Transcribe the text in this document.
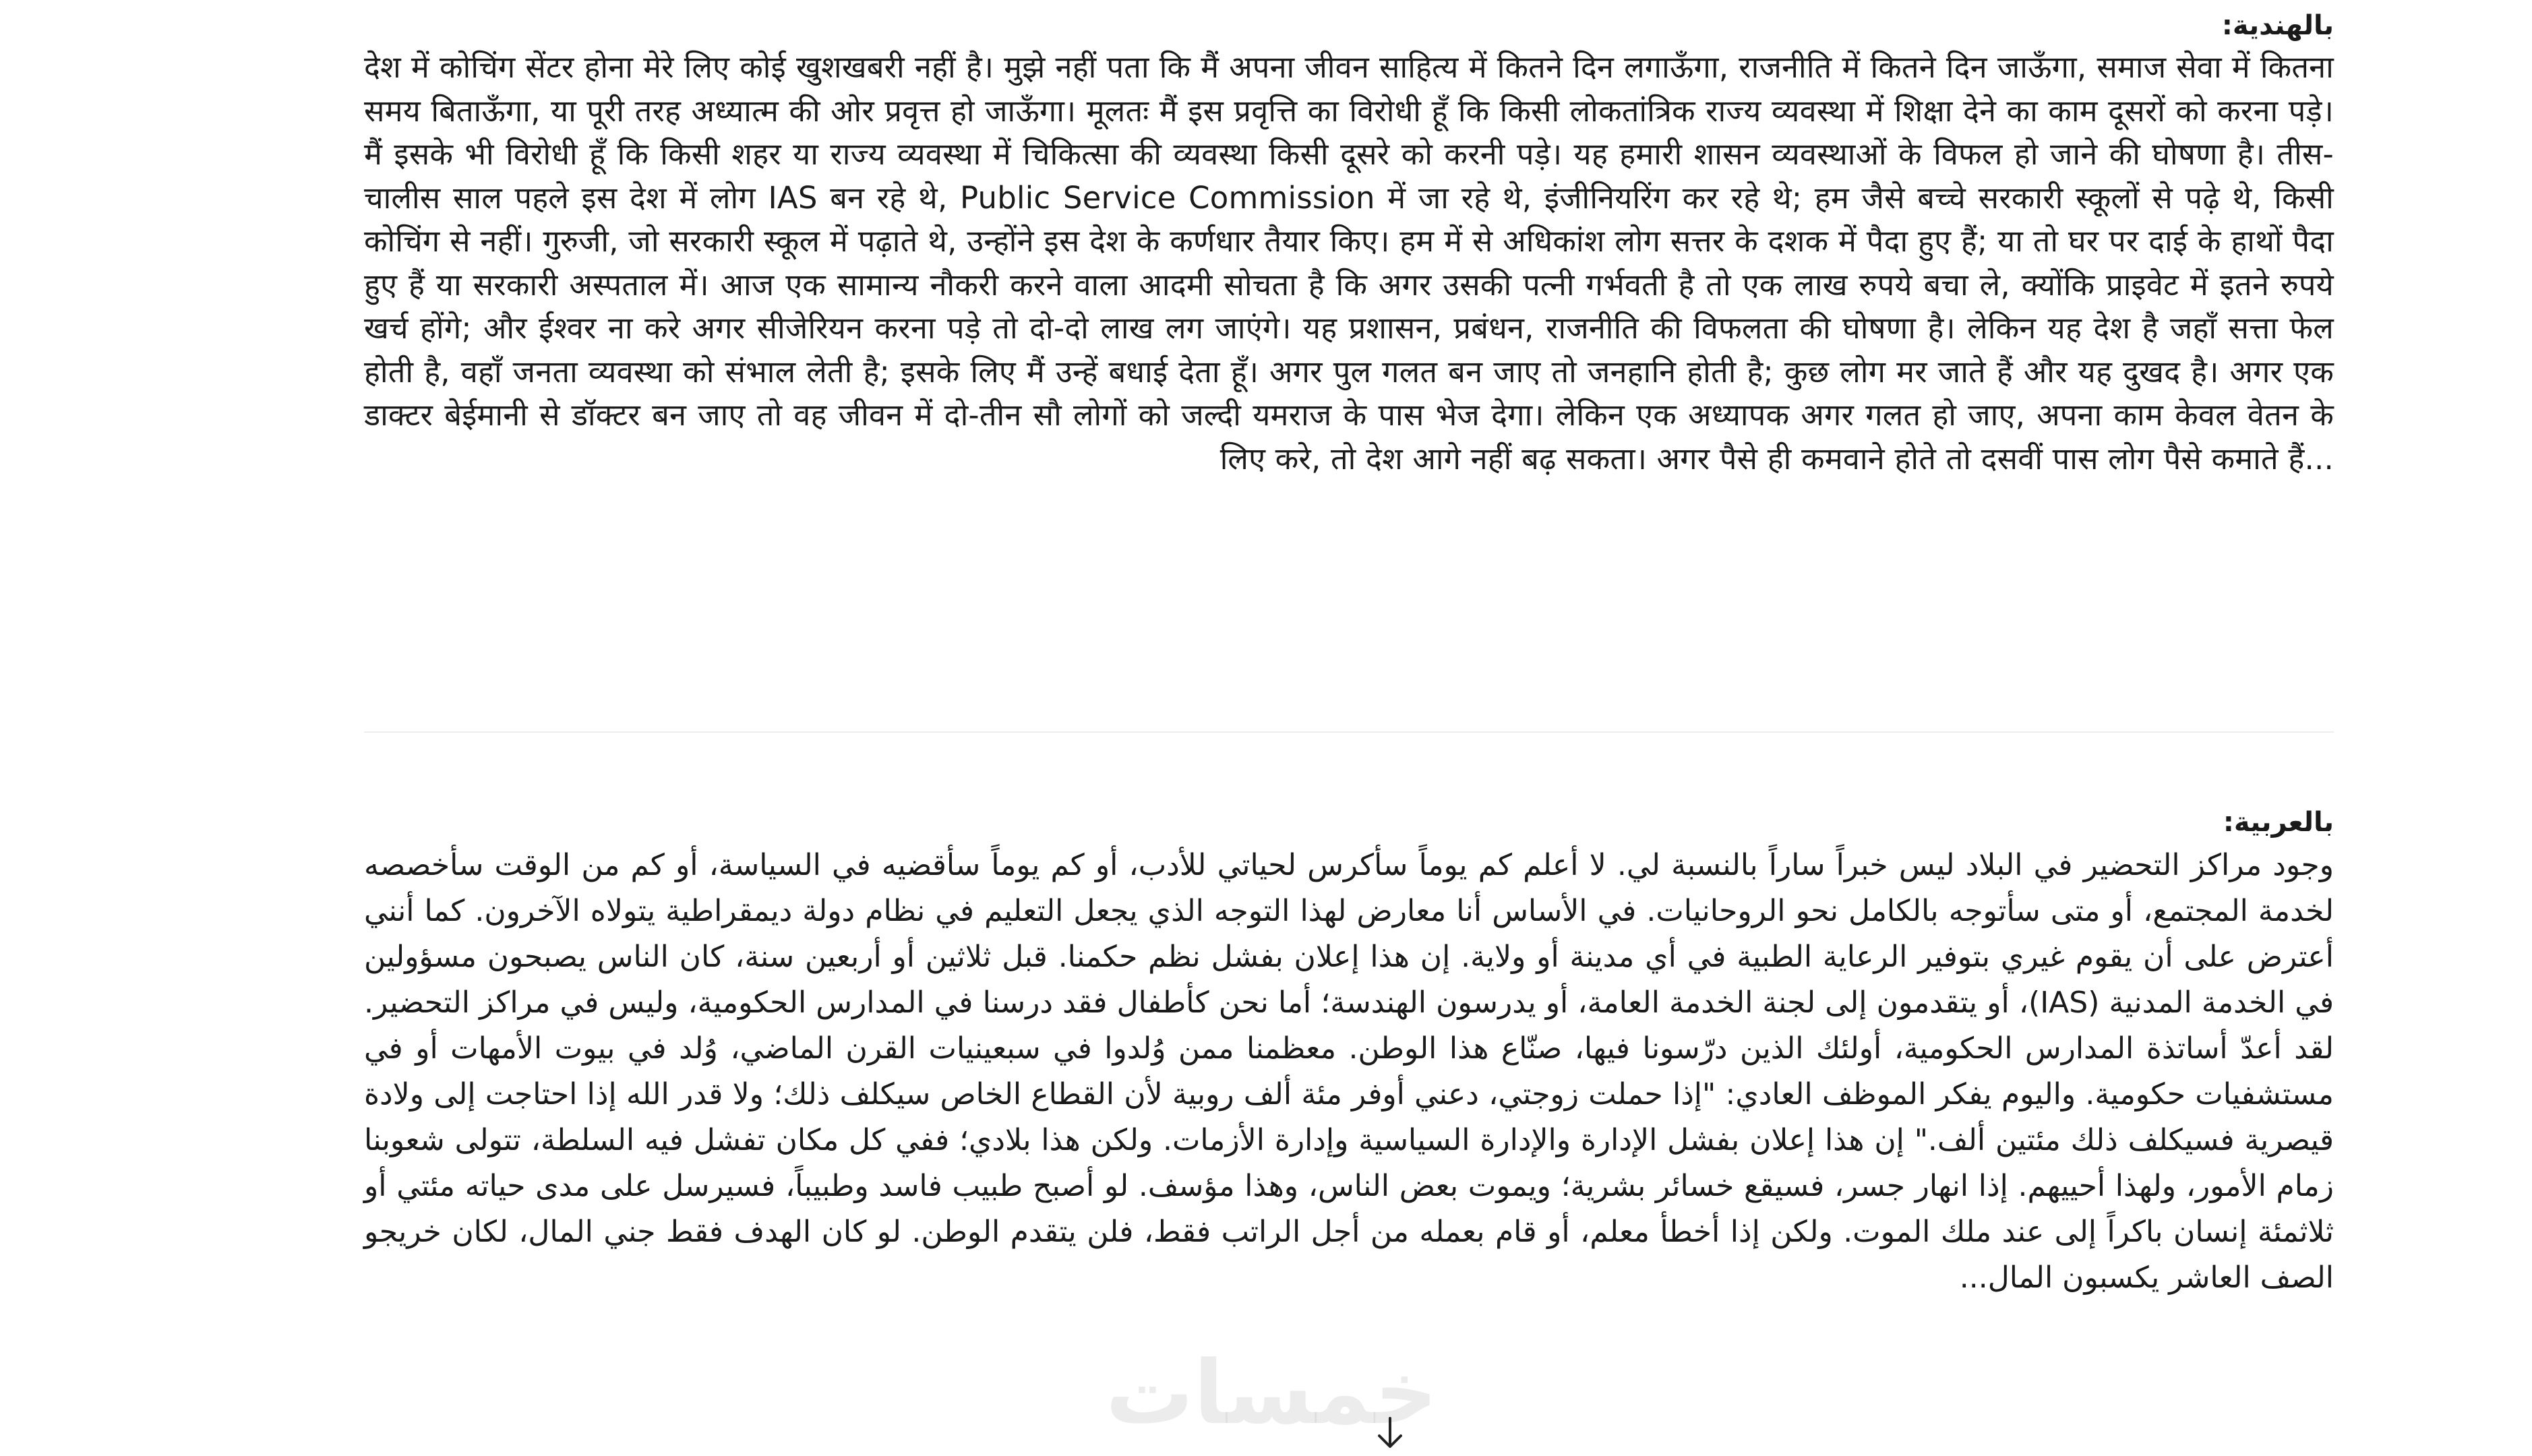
بالهندية:

देश में कोचिंग सेंटर होना मेरे लिए कोई खुशखबरी नहीं है। मुझे नहीं पता कि मैं अपना जीवन साहित्य में कितने दिन लगाऊँगा, राजनीति में कितने दिन जाऊँगा, समाज सेवा में कितना समय बिताऊँगा, या पूरी तरह अध्यात्म की ओर प्रवृत्त हो जाऊँगा। मूलतः मैं इस प्रवृत्ति का विरोधी हूँ कि किसी लोकतांत्रिक राज्य व्यवस्था में शिक्षा देने का काम दूसरों को करना पड़े। मैं इसके भी विरोधी हूँ कि किसी शहर या राज्य व्यवस्था में चिकित्सा की व्यवस्था किसी दूसरे को करनी पड़े। यह हमारी शासन व्यवस्थाओं के विफल हो जाने की घोषणा है। तीस-चालीस साल पहले इस देश में लोग IAS बन रहे थे, Public Service Commission में जा रहे थे, इंजीनियरिंग कर रहे थे; हम जैसे बच्चे सरकारी स्कूलों से पढ़े थे, किसी कोचिंग से नहीं। गुरुजी, जो सरकारी स्कूल में पढ़ाते थे, उन्होंने इस देश के कर्णधार तैयार किए। हम में से अधिकांश लोग सत्तर के दशक में पैदा हुए हैं; या तो घर पर दाई के हाथों पैदा हुए हैं या सरकारी अस्पताल में। आज एक सामान्य नौकरी करने वाला आदमी सोचता है कि अगर उसकी पत्नी गर्भवती है तो एक लाख रुपये बचा ले, क्योंकि प्राइवेट में इतने रुपये खर्च होंगे; और ईश्वर ना करे अगर सीजेरियन करना पड़े तो दो-दो लाख लग जाएंगे। यह प्रशासन, प्रबंधन, राजनीति की विफलता की घोषणा है। लेकिन यह देश है जहाँ सत्ता फेल होती है, वहाँ जनता व्यवस्था को संभाल लेती है; इसके लिए मैं उन्हें बधाई देता हूँ। अगर पुल गलत बन जाए तो जनहानि होती है; कुछ लोग मर जाते हैं और यह दुखद है। अगर एक डाक्टर बेईमानी से डॉक्टर बन जाए तो वह जीवन में दो-तीन सौ लोगों को जल्दी यमराज के पास भेज देगा। लेकिन एक अध्यापक अगर गलत हो जाए, अपना काम केवल वेतन के लिए करे, तो देश आगे नहीं बढ़ सकता। अगर पैसे ही कमवाने होते तो दसवीं पास लोग पैसे कमाते हैं...

بالعربية:

وجود مراكز التحضير في البلاد ليس خبراً ساراً بالنسبة لي. لا أعلم كم يوماً سأكرس لحياتي للأدب، أو كم يوماً سأقضيه في السياسة، أو كم من الوقت سأخصصه لخدمة المجتمع، أو متى سأتوجه بالكامل نحو الروحانيات. في الأساس أنا معارض لهذا التوجه الذي يجعل التعليم في نظام دولة ديمقراطية يتولاه الآخرون. كما أنني أعترض على أن يقوم غيري بتوفير الرعاية الطبية في أي مدينة أو ولاية. إن هذا إعلان بفشل نظم حكمنا. قبل ثلاثين أو أربعين سنة، كان الناس يصبحون مسؤولين في الخدمة المدنية (IAS)، أو يتقدمون إلى لجنة الخدمة العامة، أو يدرسون الهندسة؛ أما نحن كأطفال فقد درسنا في المدارس الحكومية، وليس في مراكز التحضير. لقد أعدّ أساتذة المدارس الحكومية، أولئك الذين درّسونا فيها، صنّاع هذا الوطن. معظمنا ممن وُلدوا في سبعينيات القرن الماضي، وُلد في بيوت الأمهات أو في مستشفيات حكومية. واليوم يفكر الموظف العادي: "إذا حملت زوجتي، دعني أوفر مئة ألف روبية لأن القطاع الخاص سيكلف ذلك؛ ولا قدر الله إذا احتاجت إلى ولادة قيصرية فسيكلف ذلك مئتين ألف." إن هذا إعلان بفشل الإدارة والإدارة السياسية وإدارة الأزمات. ولكن هذا بلادي؛ ففي كل مكان تفشل فيه السلطة، تتولى شعوبنا زمام الأمور، ولهذا أحييهم. إذا انهار جسر، فسيقع خسائر بشرية؛ ويموت بعض الناس، وهذا مؤسف. لو أصبح طبيب فاسد وطبيباً، فسيرسل على مدى حياته مئتي أو ثلاثمئة إنسان باكراً إلى عند ملك الموت. ولكن إذا أخطأ معلم، أو قام بعمله من أجل الراتب فقط، فلن يتقدم الوطن. لو كان الهدف فقط جني المال، لكان خريجو الصف العاشر يكسبون المال...

خمسات
